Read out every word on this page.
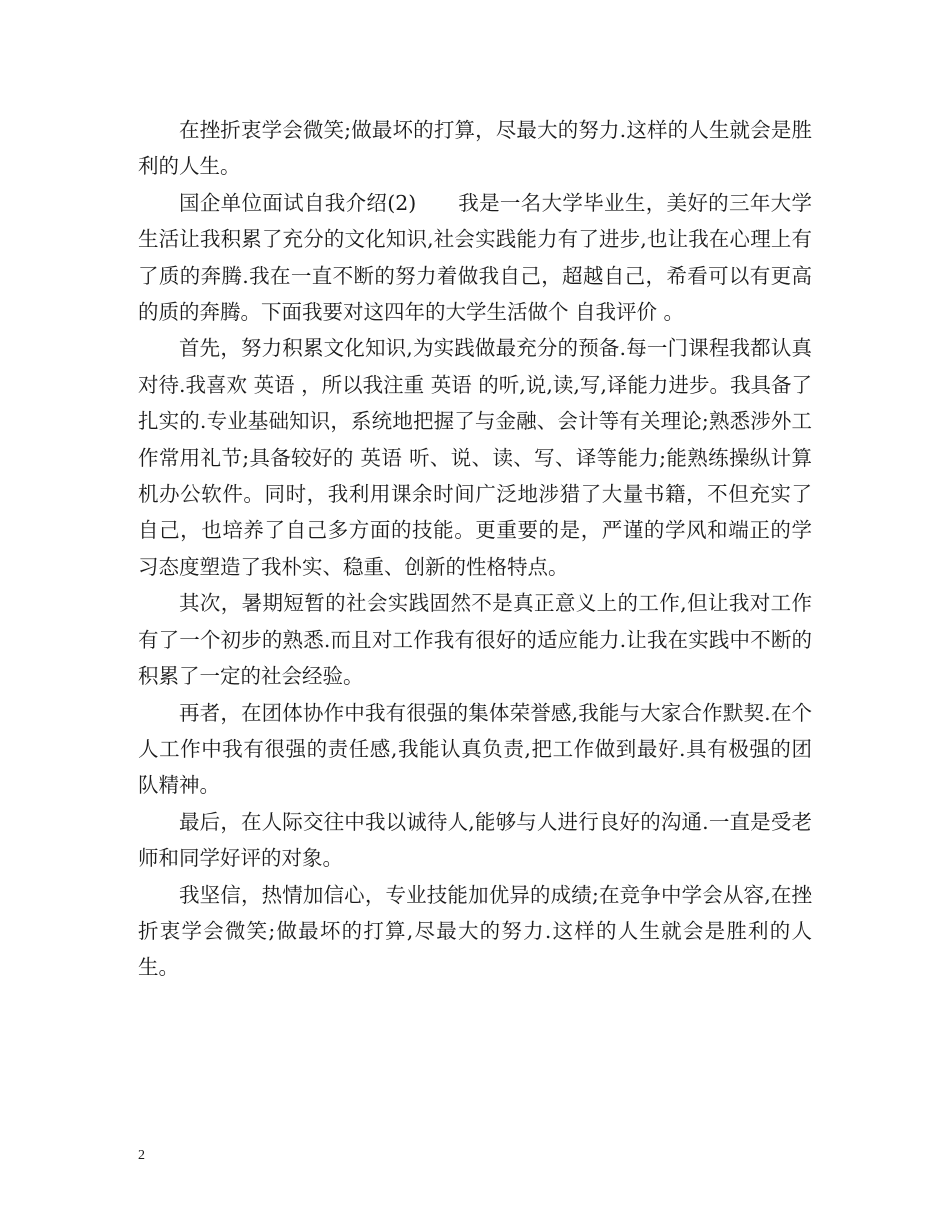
在挫折衷学会微笑;做最坏的打算，尽最大的努力.这样的人生就会是胜利的人生。

国企单位面试自我介绍(2)　　我是一名大学毕业生，美好的三年大学生活让我积累了充分的文化知识,社会实践能力有了进步,也让我在心理上有了质的奔腾.我在一直不断的努力着做我自己，超越自己，希看可以有更高的质的奔腾。下面我要对这四年的大学生活做个 自我评价 。

首先，努力积累文化知识,为实践做最充分的预备.每一门课程我都认真对待.我喜欢 英语 ，所以我注重 英语 的听,说,读,写,译能力进步。我具备了扎实的.专业基础知识，系统地把握了与金融、会计等有关理论;熟悉涉外工作常用礼节;具备较好的 英语 听、说、读、写、译等能力;能熟练操纵计算机办公软件。同时，我利用课余时间广泛地涉猎了大量书籍，不但充实了自己，也培养了自己多方面的技能。更重要的是，严谨的学风和端正的学习态度塑造了我朴实、稳重、创新的性格特点。

其次，暑期短暂的社会实践固然不是真正意义上的工作,但让我对工作有了一个初步的熟悉.而且对工作我有很好的适应能力.让我在实践中不断的积累了一定的社会经验。

再者，在团体协作中我有很强的集体荣誉感,我能与大家合作默契.在个人工作中我有很强的责任感,我能认真负责,把工作做到最好.具有极强的团队精神。

最后，在人际交往中我以诚待人,能够与人进行良好的沟通.一直是受老师和同学好评的对象。

我坚信，热情加信心，专业技能加优异的成绩;在竞争中学会从容,在挫折衷学会微笑;做最坏的打算,尽最大的努力.这样的人生就会是胜利的人生。

2
